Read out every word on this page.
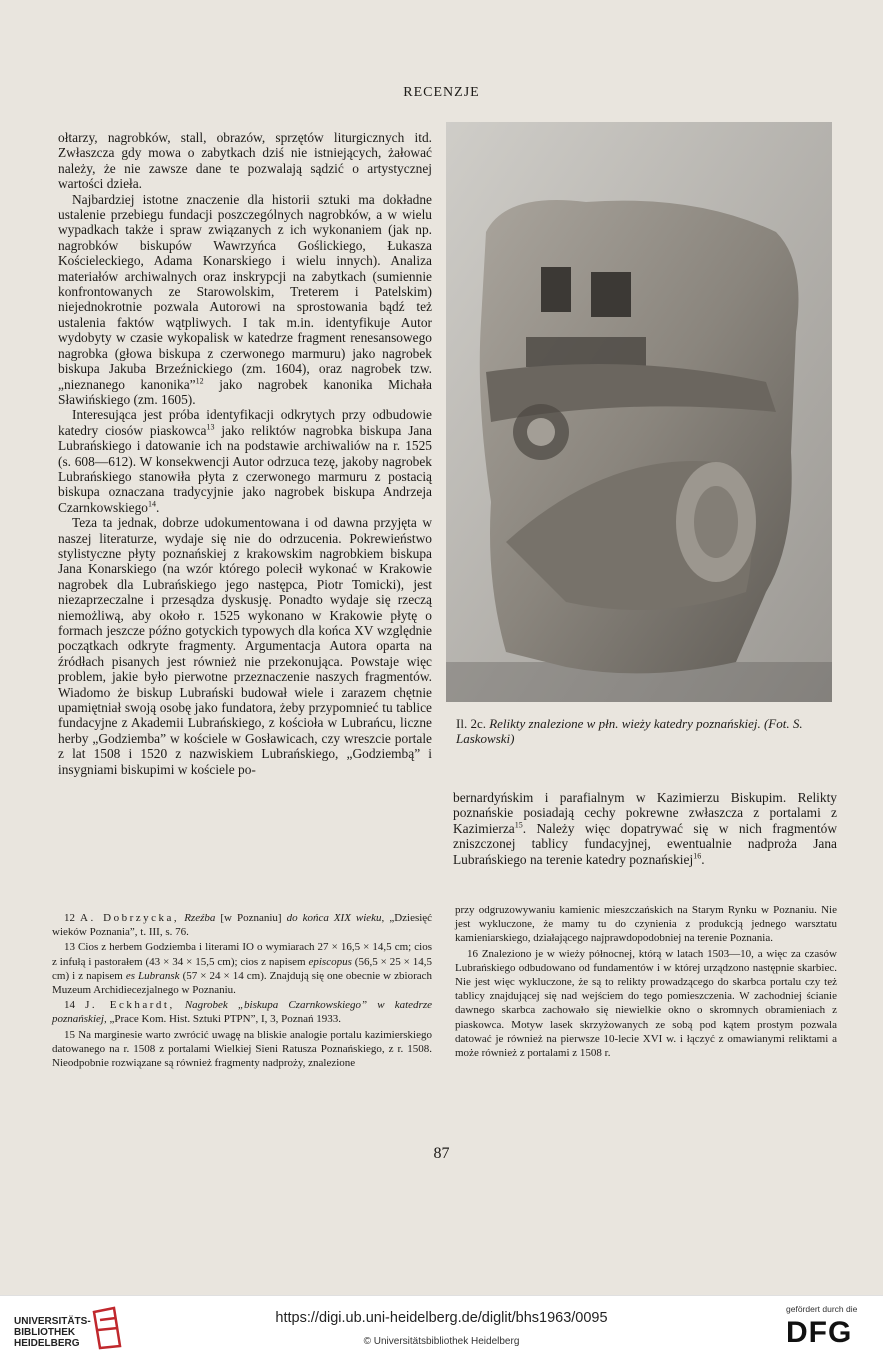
RECENZJE

ołtarzy, nagrobków, stall, obrazów, sprzętów liturgicznych itd. Zwłaszcza gdy mowa o zabytkach dziś nie istniejących, żałować należy, że nie zawsze dane te pozwalają sądzić o artystycznej wartości dzieła.

Najbardziej istotne znaczenie dla historii sztuki ma dokładne ustalenie przebiegu fundacji poszczególnych nagrobków, a w wielu wypadkach także i spraw związanych z ich wykonaniem (jak np. nagrobków biskupów Wawrzyńca Goślickiego, Łukasza Kościeleckiego, Adama Konarskiego i wielu innych). Analiza materiałów archiwalnych oraz inskrypcji na zabytkach (sumiennie konfrontowanych ze Starowolskim, Treterem i Patelskim) niejednokrotnie pozwala Autorowi na sprostowania bądź też ustalenia faktów wątpliwych. I tak m.in. identyfikuje Autor wydobyty w czasie wykopalisk w katedrze fragment renesansowego nagrobka (głowa biskupa z czerwonego marmuru) jako nagrobek biskupa Jakuba Brzeźnickiego (zm. 1604), oraz nagrobek tzw. „nieznanego kanonika”$^{12}$ jako nagrobek kanonika Michała Sławińskiego (zm. 1605).

Interesująca jest próba identyfikacji odkrytych przy odbudowie katedry ciosów piaskowca$^{13}$ jako reliktów nagrobka biskupa Jana Lubrańskiego i datowanie ich na podstawie archiwaliów na r. 1525 (s. 608—612). W konsekwencji Autor odrzuca tezę, jakoby nagrobek Lubrańskiego stanowiła płyta z czerwonego marmuru z postacią biskupa oznaczana tradycyjnie jako nagrobek biskupa Andrzeja Czarnkowskiego$^{14}$.

Teza ta jednak, dobrze udokumentowana i od dawna przyjęta w naszej literaturze, wydaje się nie do odrzucenia. Pokrewieństwo stylistyczne płyty poznańskiej z krakowskim nagrobkiem biskupa Jana Konarskiego (na wzór którego polecił wykonać w Krakowie nagrobek dla Lubrańskiego jego następca, Piotr Tomicki), jest niezaprzeczalne i przesądza dyskusję. Ponadto wydaje się rzeczą niemożliwą, aby około r. 1525 wykonano w Krakowie płytę o formach jeszcze późno gotyckich typowych dla końca XV względnie początkach odkryte fragmenty. Argumentacja Autora oparta na źródłach pisanych jest również nie przekonująca. Powstaje więc problem, jakie było pierwotne przeznaczenie naszych fragmentów. Wiadomo że biskup Lubrański budował wiele i zarazem chętnie upamiętniał swoją osobę jako fundatora, żeby przypomnieć tu tablice fundacyjne z Akademii Lubrańskiego, z kościoła w Lubrańcu, liczne herby „Godziemba” w kościele w Gosławicach, czy wreszcie portale z lat 1508 i 1520 z nazwiskiem Lubrańskiego, „Godziembą” i insygniami biskupimi w kościele po-

Il. 2c. Relikty znalezione w płn. wieży katedry poznańskiej. (Fot. S. Laskowski)
bernardyńskim i parafialnym w Kazimierzu Biskupim. Relikty poznańskie posiadają cechy pokrewne zwłaszcza z portalami z Kazimierza$^{15}$. Należy więc dopatrywać się w nich fragmentów zniszczonej tablicy fundacyjnej, ewentualnie nadproża Jana Lubrańskiego na terenie katedry poznańskiej$^{16}$.

12 A. Dobrzycka, Rzeźba [w Poznaniu] do końca XIX wieku, „Dziesięć wieków Poznania”, t. III, s. 76.

13 Cios z herbem Godziemba i literami IO o wymiarach 27 × 16,5 × 14,5 cm; cios z infułą i pastorałem (43 × 34 × 15,5 cm); cios z napisem episcopus (56,5 × 25 × 14,5 cm) i z napisem es Lubransk (57 × 24 × 14 cm). Znajdują się one obecnie w zbiorach Muzeum Archidiecezjalnego w Poznaniu.

14 J. Eckhardt, Nagrobek „biskupa Czarnkowskiego” w katedrze poznańskiej, „Prace Kom. Hist. Sztuki PTPN”, I, 3, Poznań 1933.

15 Na marginesie warto zwrócić uwagę na bliskie analogie portalu kazimierskiego datowanego na r. 1508 z portalami Wielkiej Sieni Ratusza Poznańskiego, z r. 1508. Nieodpobnie rozwiązane są również fragmenty nadproży, znalezione

przy odgruzowywaniu kamienic mieszczańskich na Starym Rynku w Poznaniu. Nie jest wykluczone, że mamy tu do czynienia z produkcją jednego warsztatu kamieniarskiego, działającego najprawdopodobniej na terenie Poznania.

16 Znaleziono je w wieży północnej, którą w latach 1503—10, a więc za czasów Lubrańskiego odbudowano od fundamentów i w której urządzono następnie skarbiec. Nie jest więc wykluczone, że są to relikty prowadzącego do skarbca portalu czy też tablicy znajdującej się nad wejściem do tego pomieszczenia. W zachodniej ścianie dawnego skarbca zachowało się niewielkie okno o skromnych obramieniach z piaskowca. Motyw lasek skrzyżowanych ze sobą pod kątem prostym pozwala datować je również na pierwsze 10-lecie XVI w. i łączyć z omawianymi reliktami a może również z portalami z 1508 r.

87
UNIVERSITÄTS-
BIBLIOTHEK
HEIDELBERG
https://digi.ub.uni-heidelberg.de/diglit/bhs1963/0095
© Universitätsbibliothek Heidelberg
gefördert durch die
DFG
